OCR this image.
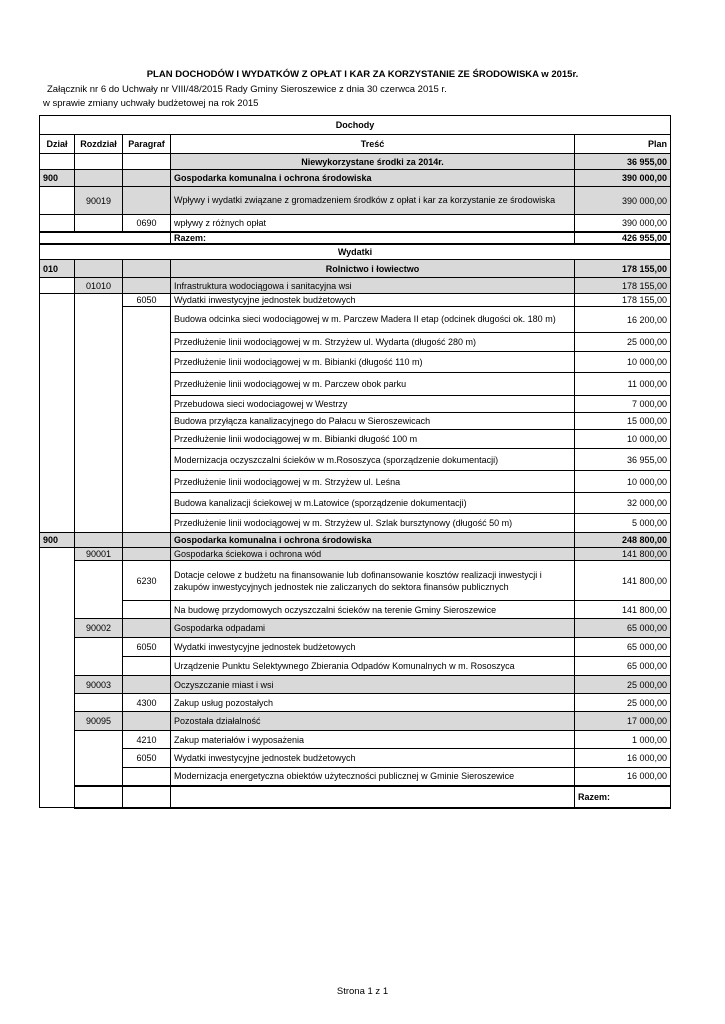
PLAN DOCHODÓW I WYDATKÓW Z OPŁAT I KAR ZA KORZYSTANIE ZE ŚRODOWISKA w 2015r.
Załącznik nr 6 do Uchwały nr VIII/48/2015 Rady Gminy Sieroszewice z dnia 30 czerwca 2015 r.
w sprawie zmiany uchwały budżetowej na rok 2015
Dochody					
Dział	Rozdział	Paragraf	Treść	Plan	
			Niewykorzystane środki za 2014r.	36 955,00	
900			Gospodarka komunalna i ochrona środowiska	390 000,00	
	90019		Wpływy i wydatki związane z gromadzeniem środków z opłat i kar za korzystanie ze środowiska	390 000,00	
		0690	wpływy z różnych opłat	390 000,00	
			Razem:	426 955,00	
Wydatki					
010			Rolnictwo i łowiectwo	178 155,00	
	01010		Infrastruktura wodociągowa i sanitacyjna wsi	178 155,00	
		6050	Wydatki inwestycyjne jednostek budżetowych	178 155,00	
			Budowa odcinka sieci wodociągowej w m. Parczew Madera II etap (odcinek długości ok. 180 m)	16 200,00	
			Przedłużenie linii wodociągowej w m. Strzyżew ul. Wydarta (długość 280 m)	25 000,00	
			Przedłużenie linii wodociągowej w m. Bibianki (długość 110 m)	10 000,00	
			Przedłużenie linii wodociągowej w m. Parczew obok parku	11 000,00	
			Przebudowa sieci wodociagowej w Westrzy	7 000,00	
			Budowa przyłącza kanalizacyjnego do Pałacu w Sieroszewicach	15 000,00	
			Przedłużenie linii wodociągowej w m. Bibianki długość 100 m	10 000,00	
			Modernizacja oczyszczalni ścieków w m.Rososzyca (sporządzenie dokumentacji)	36 955,00	
			Przedłużenie linii wodociągowej w m. Strzyżew ul. Leśna	10 000,00	
			Budowa kanalizacji ściekowej w m.Latowice (sporządzenie dokumentacji)	32 000,00	
			Przedłużenie linii wodociągowej w m. Strzyżew ul. Szlak bursztynowy (długość 50 m)	5 000,00	
900			Gospodarka komunalna i ochrona środowiska	248 800,00	
	90001		Gospodarka ściekowa i ochrona wód	141 800,00	
		6230	Dotacje celowe z budżetu na finansowanie lub dofinansowanie kosztów realizacji inwestycji i zakupów inwestycyjnych jednostek nie zaliczanych do sektora finansów publicznych	141 800,00	
			Na budowę przydomowych oczyszczalni ścieków na terenie Gminy Sieroszewice	141 800,00	
	90002		Gospodarka odpadami	65 000,00	
		6050	Wydatki inwestycyjne jednostek budżetowych	65 000,00	
			Urządzenie Punktu Selektywnego Zbierania Odpadów Komunalnych w m. Rososzyca	65 000,00	
	90003		Oczyszczanie miast i wsi	25 000,00	
		4300	Zakup usług pozostałych	25 000,00	
	90095		Pozostała działalność	17 000,00	
		4210	Zakup materiałów i wyposażenia	1 000,00	
		6050	Wydatki inwestycyjne jednostek budżetowych	16 000,00	
			Modernizacja energetyczna obiektów użyteczności publicznej w Gminie Sieroszewice	16 000,00	
				Razem:	
Strona 1 z 1
